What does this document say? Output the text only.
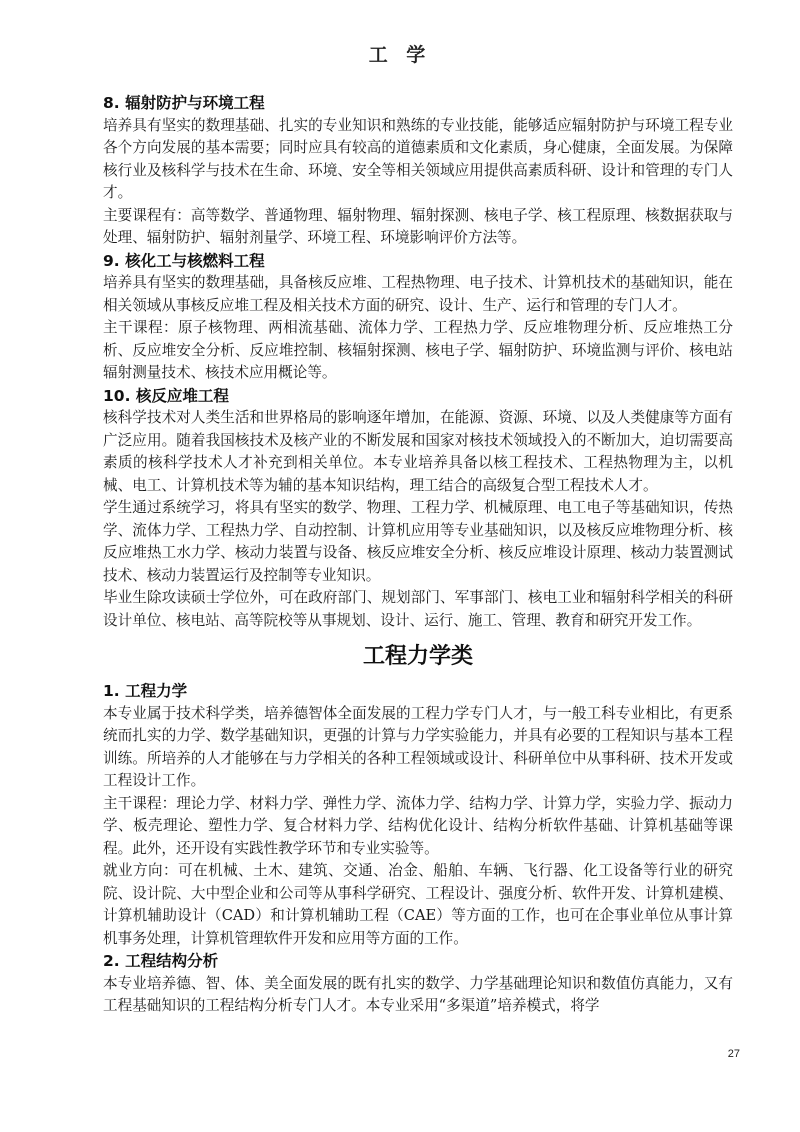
工 学
8. 辐射防护与环境工程

培养具有坚实的数理基础、扎实的专业知识和熟练的专业技能，能够适应辐射防护与环境工程专业各个方向发展的基本需要；同时应具有较高的道德素质和文化素质，身心健康，全面发展。为保障核行业及核科学与技术在生命、环境、安全等相关领域应用提供高素质科研、设计和管理的专门人才。

主要课程有：高等数学、普通物理、辐射物理、辐射探测、核电子学、核工程原理、核数据获取与处理、辐射防护、辐射剂量学、环境工程、环境影响评价方法等。

9. 核化工与核燃料工程

培养具有坚实的数理基础，具备核反应堆、工程热物理、电子技术、计算机技术的基础知识，能在相关领域从事核反应堆工程及相关技术方面的研究、设计、生产、运行和管理的专门人才。

主干课程：原子核物理、两相流基础、流体力学、工程热力学、反应堆物理分析、反应堆热工分析、反应堆安全分析、反应堆控制、核辐射探测、核电子学、辐射防护、环境监测与评价、核电站辐射测量技术、核技术应用概论等。

10. 核反应堆工程

核科学技术对人类生活和世界格局的影响逐年增加，在能源、资源、环境、以及人类健康等方面有广泛应用。随着我国核技术及核产业的不断发展和国家对核技术领域投入的不断加大，迫切需要高素质的核科学技术人才补充到相关单位。本专业培养具备以核工程技术、工程热物理为主，以机械、电工、计算机技术等为辅的基本知识结构，理工结合的高级复合型工程技术人才。

学生通过系统学习，将具有坚实的数学、物理、工程力学、机械原理、电工电子等基础知识，传热学、流体力学、工程热力学、自动控制、计算机应用等专业基础知识，以及核反应堆物理分析、核反应堆热工水力学、核动力装置与设备、核反应堆安全分析、核反应堆设计原理、核动力装置测试技术、核动力装置运行及控制等专业知识。

毕业生除攻读硕士学位外，可在政府部门、规划部门、军事部门、核电工业和辐射科学相关的科研设计单位、核电站、高等院校等从事规划、设计、运行、施工、管理、教育和研究开发工作。

工程力学类
1. 工程力学

本专业属于技术科学类，培养德智体全面发展的工程力学专门人才，与一般工科专业相比，有更系统而扎实的力学、数学基础知识，更强的计算与力学实验能力，并具有必要的工程知识与基本工程训练。所培养的人才能够在与力学相关的各种工程领域或设计、科研单位中从事科研、技术开发或工程设计工作。

主干课程：理论力学、材料力学、弹性力学、流体力学、结构力学、计算力学，实验力学、振动力学、板壳理论、塑性力学、复合材料力学、结构优化设计、结构分析软件基础、计算机基础等课程。此外，还开设有实践性教学环节和专业实验等。

就业方向：可在机械、土木、建筑、交通、冶金、船舶、车辆、飞行器、化工设备等行业的研究院、设计院、大中型企业和公司等从事科学研究、工程设计、强度分析、软件开发、计算机建模、计算机辅助设计（CAD）和计算机辅助工程（CAE）等方面的工作，也可在企事业单位从事计算机事务处理，计算机管理软件开发和应用等方面的工作。

2. 工程结构分析

本专业培养德、智、体、美全面发展的既有扎实的数学、力学基础理论知识和数值仿真能力，又有工程基础知识的工程结构分析专门人才。本专业采用“多渠道”培养模式，将学

27
